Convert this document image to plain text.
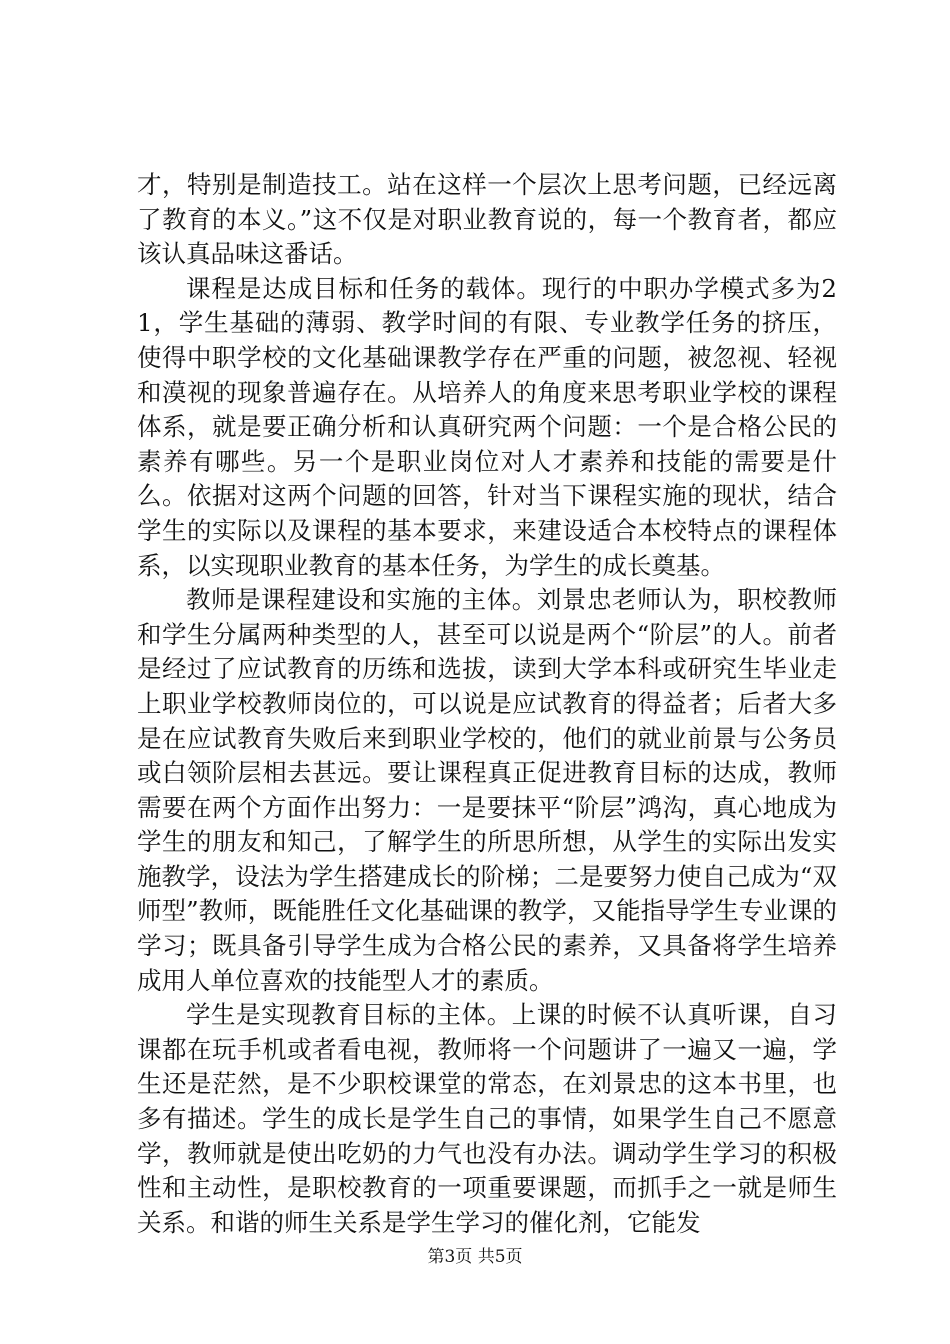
才，特别是制造技工。站在这样一个层次上思考问题，已经远离了教育的本义。”这不仅是对职业教育说的，每一个教育者，都应该认真品味这番话。

课程是达成目标和任务的载体。现行的中职办学模式多为21，学生基础的薄弱、教学时间的有限、专业教学任务的挤压，使得中职学校的文化基础课教学存在严重的问题，被忽视、轻视和漠视的现象普遍存在。从培养人的角度来思考职业学校的课程体系，就是要正确分析和认真研究两个问题：一个是合格公民的素养有哪些。另一个是职业岗位对人才素养和技能的需要是什么。依据对这两个问题的回答，针对当下课程实施的现状，结合学生的实际以及课程的基本要求，来建设适合本校特点的课程体系，以实现职业教育的基本任务，为学生的成长奠基。

教师是课程建设和实施的主体。刘景忠老师认为，职校教师和学生分属两种类型的人，甚至可以说是两个“阶层”的人。前者是经过了应试教育的历练和选拔，读到大学本科或研究生毕业走上职业学校教师岗位的，可以说是应试教育的得益者；后者大多是在应试教育失败后来到职业学校的，他们的就业前景与公务员或白领阶层相去甚远。要让课程真正促进教育目标的达成，教师需要在两个方面作出努力：一是要抹平“阶层”鸿沟，真心地成为学生的朋友和知己，了解学生的所思所想，从学生的实际出发实施教学，设法为学生搭建成长的阶梯；二是要努力使自己成为“双师型”教师，既能胜任文化基础课的教学，又能指导学生专业课的学习；既具备引导学生成为合格公民的素养，又具备将学生培养成用人单位喜欢的技能型人才的素质。

学生是实现教育目标的主体。上课的时候不认真听课，自习课都在玩手机或者看电视，教师将一个问题讲了一遍又一遍，学生还是茫然，是不少职校课堂的常态，在刘景忠的这本书里，也多有描述。学生的成长是学生自己的事情，如果学生自己不愿意学，教师就是使出吃奶的力气也没有办法。调动学生学习的积极性和主动性，是职校教育的一项重要课题，而抓手之一就是师生关系。和谐的师生关系是学生学习的催化剂，它能发

第3页 共5页
